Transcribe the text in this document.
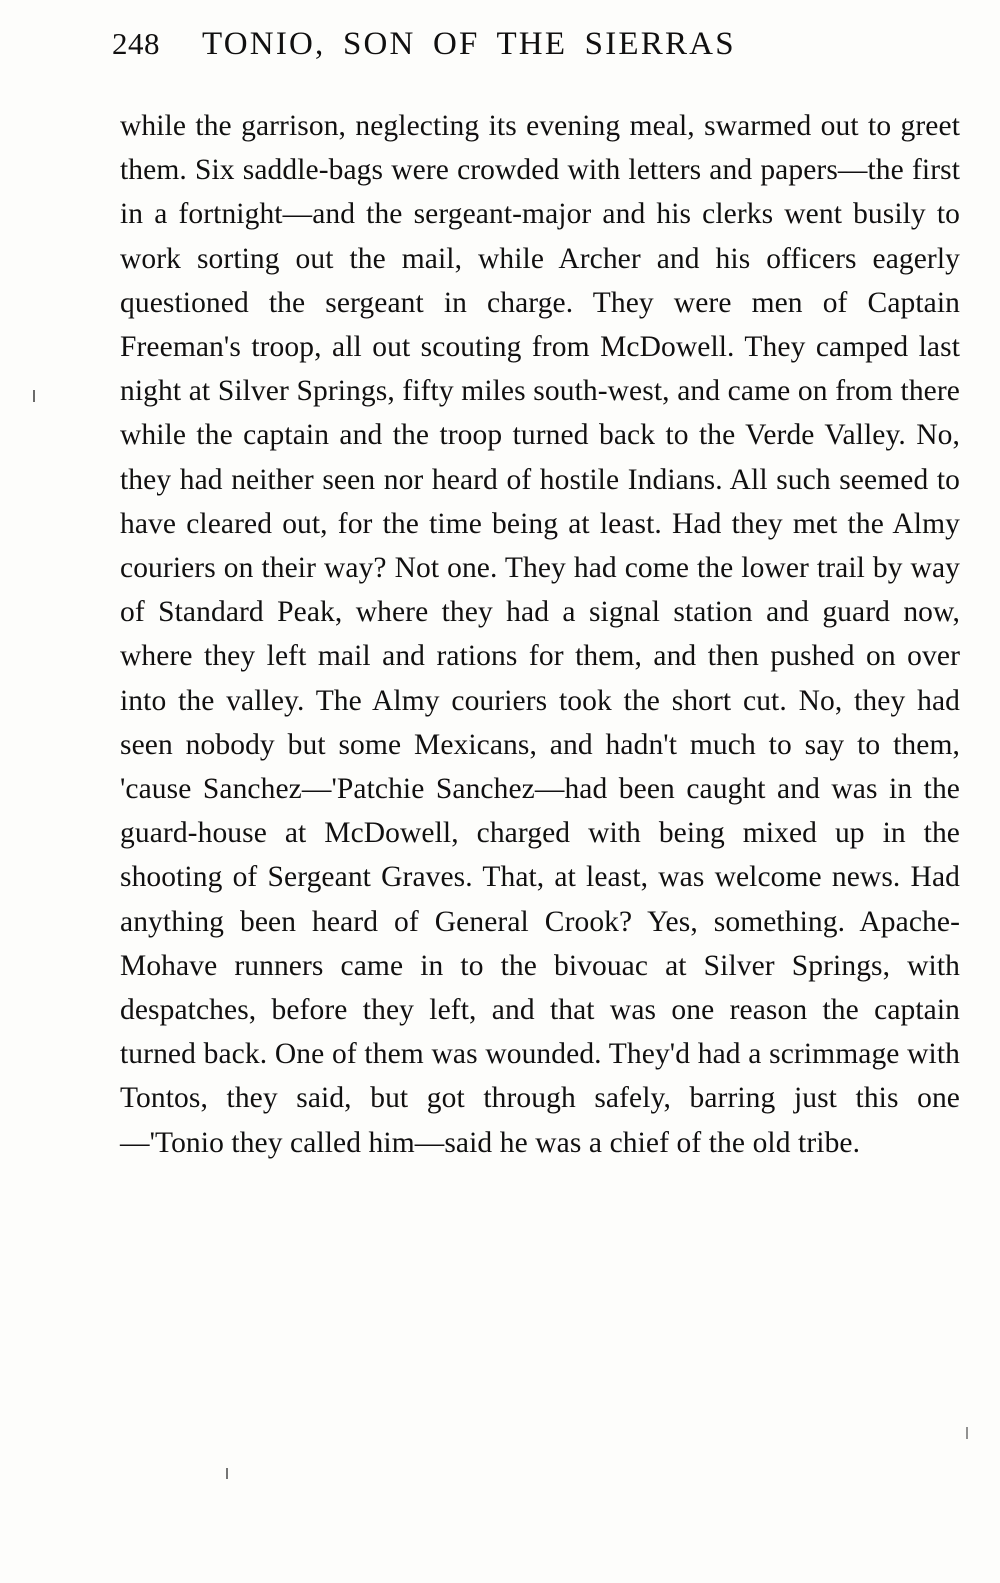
248 TONIO, SON OF THE SIERRAS

while the garrison, neglecting its evening meal, swarmed out to greet them. Six saddle-bags were crowded with letters and papers—the first in a fortnight—and the sergeant-major and his clerks went busily to work sorting out the mail, while Archer and his officers eagerly questioned the sergeant in charge. They were men of Captain Freeman's troop, all out scouting from McDowell. They camped last night at Silver Springs, fifty miles south-west, and came on from there while the captain and the troop turned back to the Verde Valley. No, they had neither seen nor heard of hostile Indians. All such seemed to have cleared out, for the time being at least. Had they met the Almy couriers on their way? Not one. They had come the lower trail by way of Standard Peak, where they had a signal station and guard now, where they left mail and rations for them, and then pushed on over into the valley. The Almy couriers took the short cut. No, they had seen nobody but some Mexicans, and hadn't much to say to them, 'cause Sanchez—'Patchie Sanchez—had been caught and was in the guard-house at McDowell, charged with being mixed up in the shooting of Sergeant Graves. That, at least, was welcome news. Had anything been heard of General Crook? Yes, something. Apache-Mohave runners came in to the bivouac at Silver Springs, with despatches, before they left, and that was one reason the captain turned back. One of them was wounded. They'd had a scrimmage with Tontos, they said, but got through safely, barring just this one —'Tonio they called him—said he was a chief of the old tribe.
